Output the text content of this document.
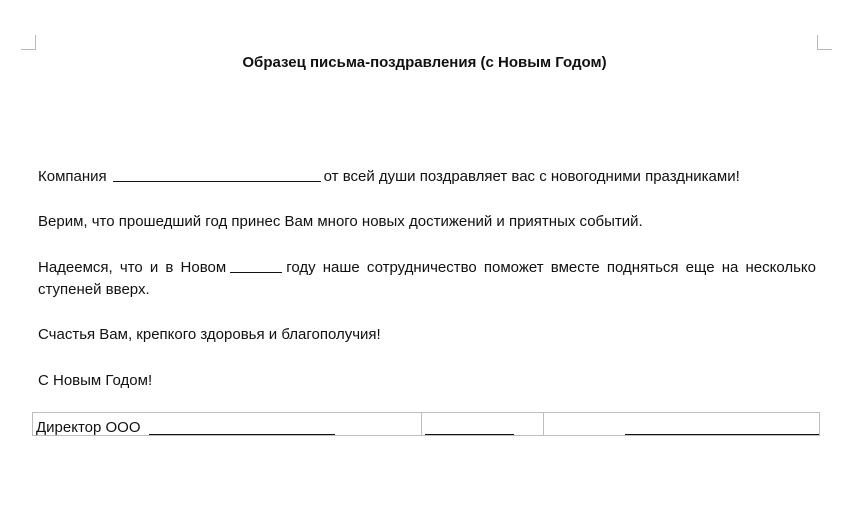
Образец письма-поздравления (с Новым Годом)

Компания	от всей души поздравляет вас с новогодними праздниками!

Верим, что прошедший год принес Вам много новых достижений и приятных событий.

Надеемся, что и в Новом	году наше сотрудничество поможет вместе подняться еще на несколько ступеней вверх.

Счастья Вам, крепкого здоровья и благополучия!

С Новым Годом!

Директор ООО
